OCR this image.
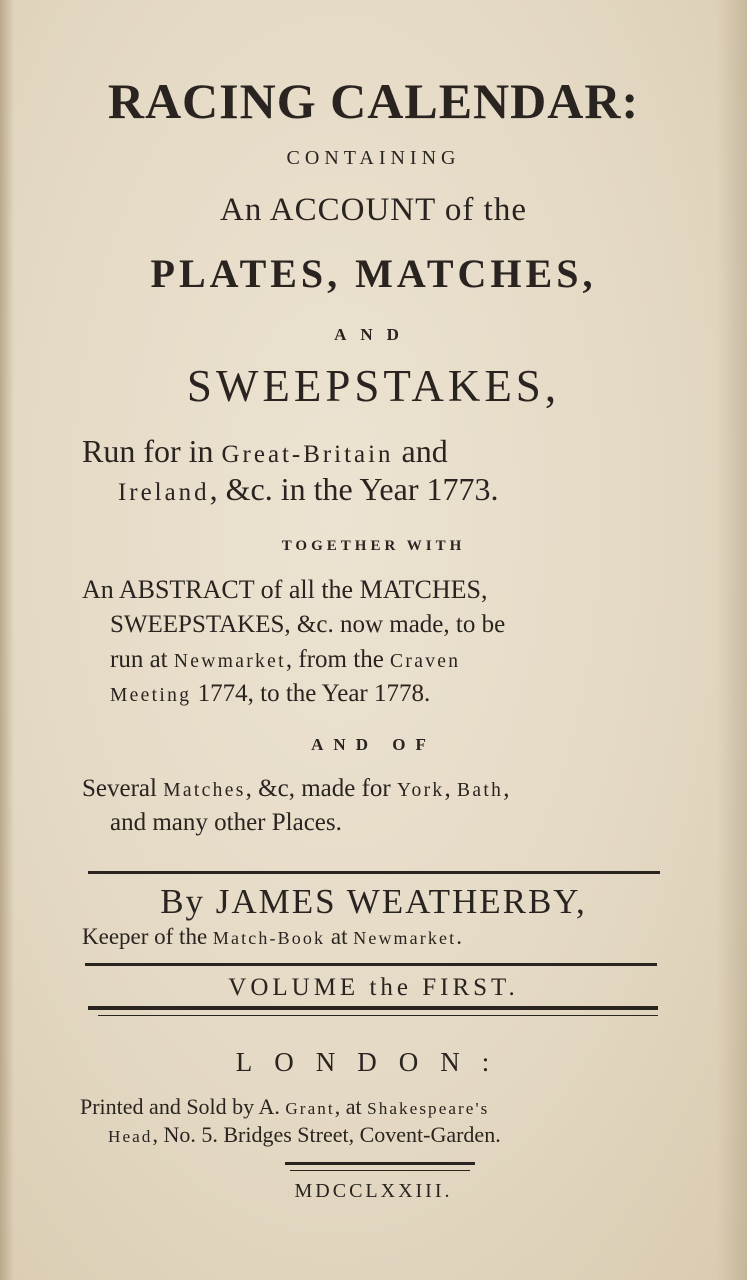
RACING CALENDAR:
CONTAINING
An ACCOUNT of the
PLATES, MATCHES,
AND
SWEEPSTAKES,
Run for in Great-Britain and
Ireland, &c. in the Year 1773.
TOGETHER WITH
An ABSTRACT of all the MATCHES,
SWEEPSTAKES, &c. now made, to be
run at Newmarket, from the Craven
Meeting 1774, to the Year 1778.
AND OF
Several Matches, &c, made for York, Bath,
and many other Places.
By JAMES WEATHERBY,
Keeper of the Match-Book at Newmarket.
VOLUME the FIRST.
LONDON:
Printed and Sold by A. Grant, at Shakespeare's
Head, No. 5. Bridges Street, Covent-Garden.
MDCCLXXIII.
